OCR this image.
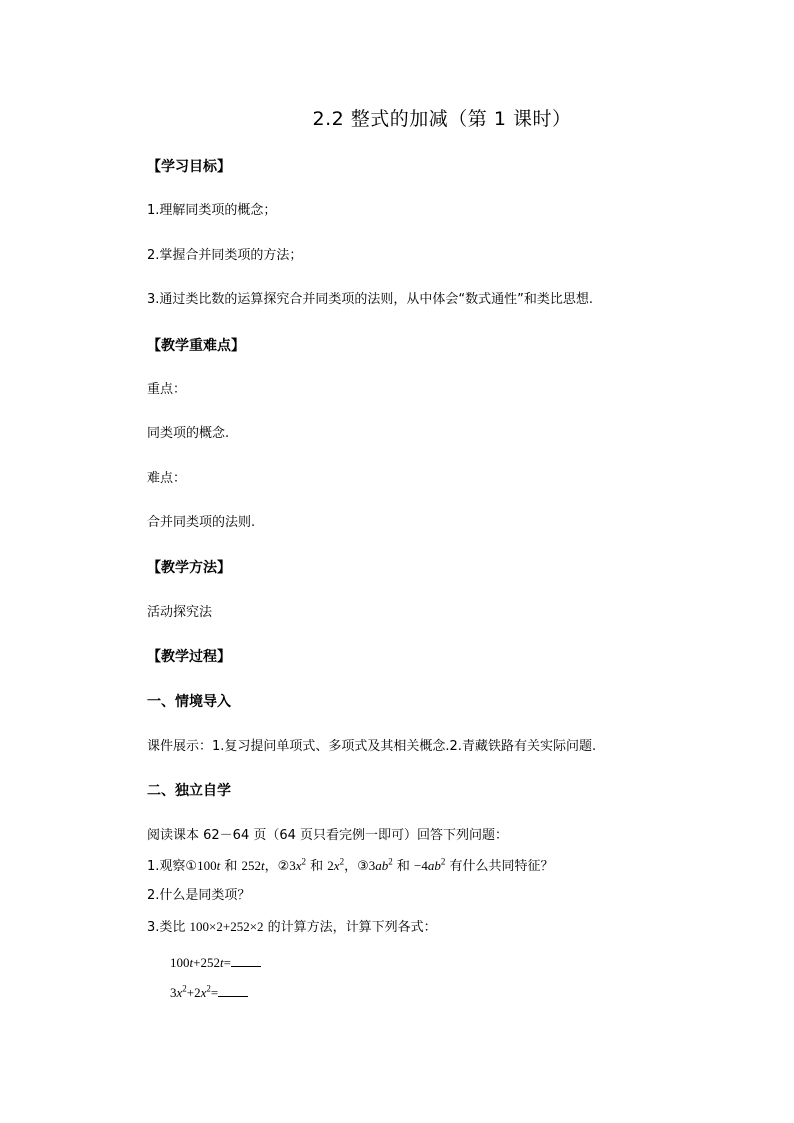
2.2 整式的加减（第 1 课时）
【学习目标】
1.理解同类项的概念；
2.掌握合并同类项的方法；
3.通过类比数的运算探究合并同类项的法则，从中体会“数式通性”和类比思想.
【教学重难点】
重点：
同类项的概念.
难点：
合并同类项的法则.
【教学方法】
活动探究法
【教学过程】
一、情境导入
课件展示：1.复习提问单项式、多项式及其相关概念.2.青藏铁路有关实际问题.
二、独立自学
阅读课本 62－64 页（64 页只看完例一即可）回答下列问题：
1.观察①100t 和 252t，$②3x^2$ 和 $2x^2$，$③3ab^2$ 和 $-4ab^2$ 有什么共同特征？
2.什么是同类项？
3.类比 100×2+252×2 的计算方法，计算下列各式：
100t+252t=
$3x^2+2x^2=$
